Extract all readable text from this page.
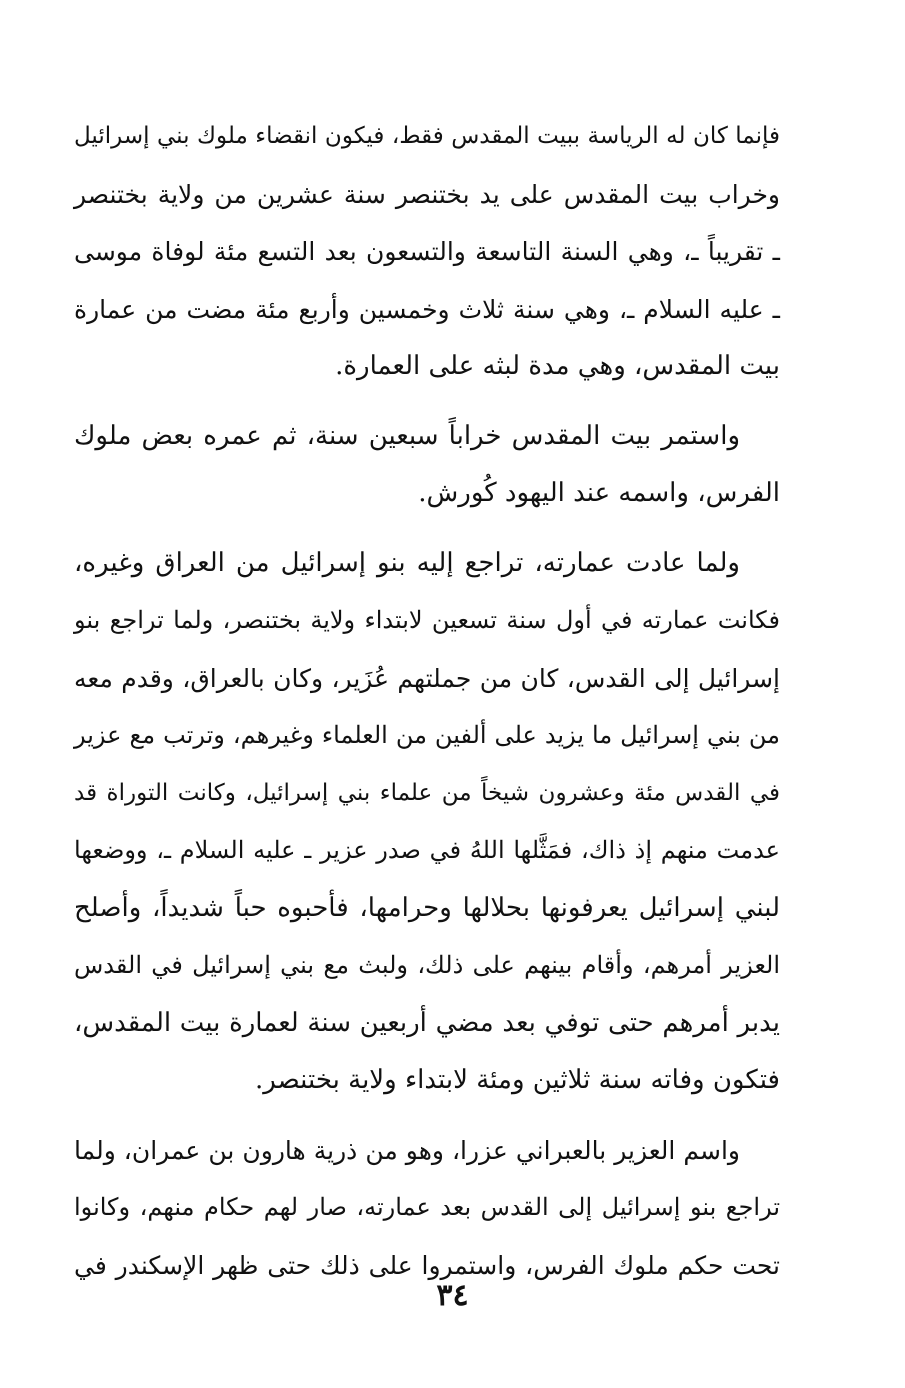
فإنما كان له الرياسة ببيت المقدس فقط، فيكون انقضاء ملوك بني إسرائيل
وخراب بيت المقدس على يد بختنصر سنة عشرين من ولاية بختنصر
ـ تقريباً ـ، وهي السنة التاسعة والتسعون بعد التسع مئة لوفاة موسى
ـ عليه السلام ـ، وهي سنة ثلاث وخمسين وأربع مئة مضت من عمارة
بيت المقدس، وهي مدة لبثه على العمارة.
واستمر بيت المقدس خراباً سبعين سنة، ثم عمره بعض ملوك
الفرس، واسمه عند اليهود كُورش.
ولما عادت عمارته، تراجع إليه بنو إسرائيل من العراق وغيره،
فكانت عمارته في أول سنة تسعين لابتداء ولاية بختنصر، ولما تراجع بنو
إسرائيل إلى القدس، كان من جملتهم عُزَير، وكان بالعراق، وقدم معه
من بني إسرائيل ما يزيد على ألفين من العلماء وغيرهم، وترتب مع عزير
في القدس مئة وعشرون شيخاً من علماء بني إسرائيل، وكانت التوراة قد
عدمت منهم إذ ذاك، فمَثَّلها اللهُ في صدر عزير ـ عليه السلام ـ، ووضعها
لبني إسرائيل يعرفونها بحلالها وحرامها، فأحبوه حباً شديداً، وأصلح
العزير أمرهم، وأقام بينهم على ذلك، ولبث مع بني إسرائيل في القدس
يدبر أمرهم حتى توفي بعد مضي أربعين سنة لعمارة بيت المقدس،
فتكون وفاته سنة ثلاثين ومئة لابتداء ولاية بختنصر.
واسم العزير بالعبراني عزرا، وهو من ذرية هارون بن عمران، ولما
تراجع بنو إسرائيل إلى القدس بعد عمارته، صار لهم حكام منهم، وكانوا
تحت حكم ملوك الفرس، واستمروا على ذلك حتى ظهر الإسكندر في
٣٤
